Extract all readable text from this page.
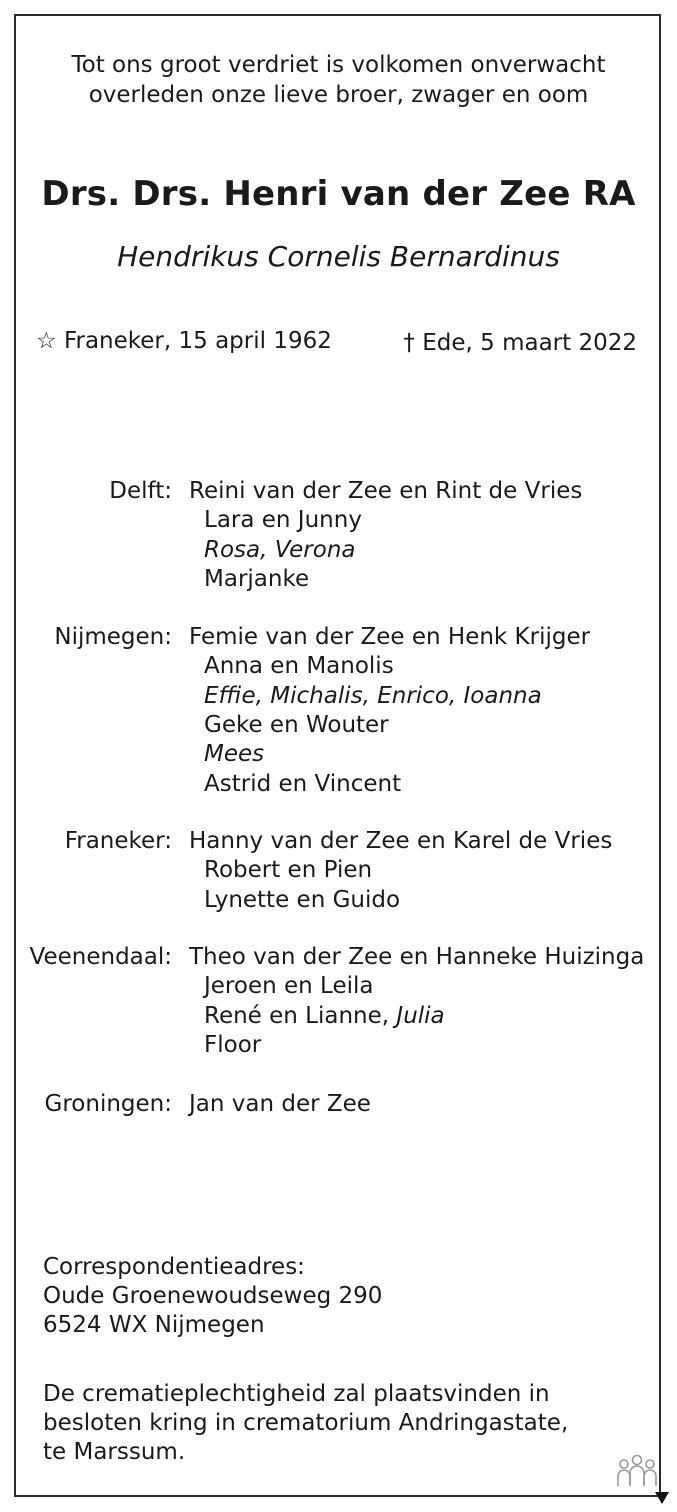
Tot ons groot verdriet is volkomen onverwacht
overleden onze lieve broer, zwager en oom
Drs. Drs. Henri van der Zee RA
Hendrikus Cornelis Bernardinus
☆ Franeker, 15 april 1962	† Ede, 5 maart 2022
Delft: Reini van der Zee en Rint de Vries
Lara en Junny
Rosa, Verona
Marjanke
Nijmegen: Femie van der Zee en Henk Krijger
Anna en Manolis
Effie, Michalis, Enrico, Ioanna
Geke en Wouter
Mees
Astrid en Vincent
Franeker: Hanny van der Zee en Karel de Vries
Robert en Pien
Lynette en Guido
Veenendaal: Theo van der Zee en Hanneke Huizinga
Jeroen en Leila
René en Lianne, Julia
Floor
Groningen: Jan van der Zee
Correspondentieadres:
Oude Groenewoudseweg 290
6524 WX Nijmegen
De crematieplechtigheid zal plaatsvinden in
besloten kring in crematorium Andringastate,
te Marssum.
